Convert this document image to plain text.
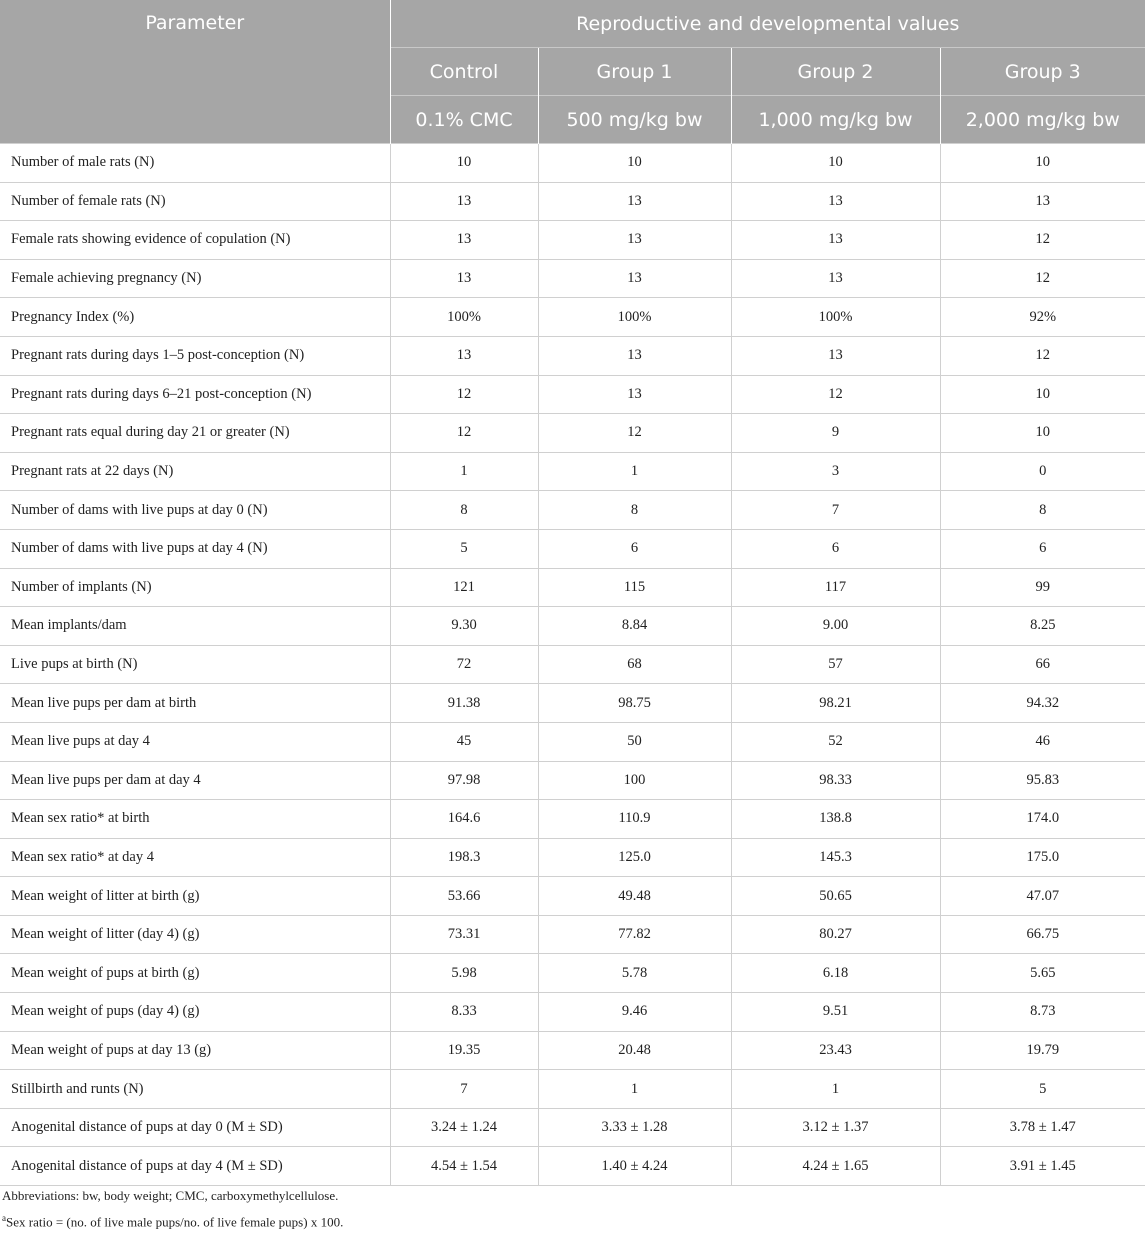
Parameter	Reproductive and developmental values			
	Control	Group 1	Group 2	Group 3
	0.1% CMC	500 mg/kg bw	1,000 mg/kg bw	2,000 mg/kg bw
Number of male rats (N)	10	10	10	10
Number of female rats (N)	13	13	13	13
Female rats showing evidence of copulation (N)	13	13	13	12
Female achieving pregnancy (N)	13	13	13	12
Pregnancy Index (%)	100%	100%	100%	92%
Pregnant rats during days 1–5 post-conception (N)	13	13	13	12
Pregnant rats during days 6–21 post-conception (N)	12	13	12	10
Pregnant rats equal during day 21 or greater (N)	12	12	9	10
Pregnant rats at 22 days (N)	1	1	3	0
Number of dams with live pups at day 0 (N)	8	8	7	8
Number of dams with live pups at day 4 (N)	5	6	6	6
Number of implants (N)	121	115	117	99
Mean implants/dam	9.30	8.84	9.00	8.25
Live pups at birth (N)	72	68	57	66
Mean live pups per dam at birth	91.38	98.75	98.21	94.32
Mean live pups at day 4	45	50	52	46
Mean live pups per dam at day 4	97.98	100	98.33	95.83
Mean sex ratio* at birth	164.6	110.9	138.8	174.0
Mean sex ratio* at day 4	198.3	125.0	145.3	175.0
Mean weight of litter at birth (g)	53.66	49.48	50.65	47.07
Mean weight of litter (day 4) (g)	73.31	77.82	80.27	66.75
Mean weight of pups at birth (g)	5.98	5.78	6.18	5.65
Mean weight of pups (day 4) (g)	8.33	9.46	9.51	8.73
Mean weight of pups at day 13 (g)	19.35	20.48	23.43	19.79
Stillbirth and runts (N)	7	1	1	5
Anogenital distance of pups at day 0 (M ± SD)	3.24 ± 1.24	3.33 ± 1.28	3.12 ± 1.37	3.78 ± 1.47
Anogenital distance of pups at day 4 (M ± SD)	4.54 ± 1.54	1.40 ± 4.24	4.24 ± 1.65	3.91 ± 1.45
Abbreviations: bw, body weight; CMC, carboxymethylcellulose.
$^a$Sex ratio = (no. of live male pups/no. of live female pups) x 100.
